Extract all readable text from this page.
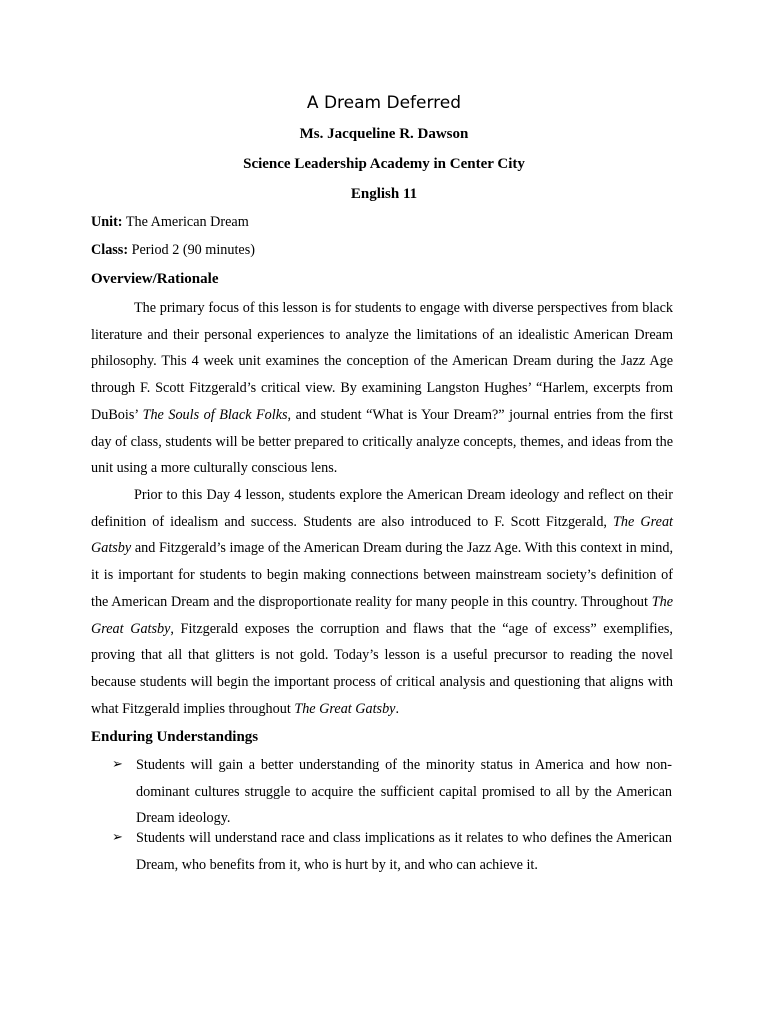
A Dream Deferred
Ms. Jacqueline R. Dawson
Science Leadership Academy in Center City
English 11
Unit: The American Dream
Class: Period 2 (90 minutes)
Overview/Rationale
The primary focus of this lesson is for students to engage with diverse perspectives from black literature and their personal experiences to analyze the limitations of an idealistic American Dream philosophy. This 4 week unit examines the conception of the American Dream during the Jazz Age through F. Scott Fitzgerald’s critical view. By examining Langston Hughes’ “Harlem, excerpts from DuBois’ The Souls of Black Folks, and student “What is Your Dream?” journal entries from the first day of class, students will be better prepared to critically analyze concepts, themes, and ideas from the unit using a more culturally conscious lens.
Prior to this Day 4 lesson, students explore the American Dream ideology and reflect on their definition of idealism and success. Students are also introduced to F. Scott Fitzgerald, The Great Gatsby and Fitzgerald’s image of the American Dream during the Jazz Age. With this context in mind, it is important for students to begin making connections between mainstream society’s definition of the American Dream and the disproportionate reality for many people in this country. Throughout The Great Gatsby, Fitzgerald exposes the corruption and flaws that the “age of excess” exemplifies, proving that all that glitters is not gold. Today’s lesson is a useful precursor to reading the novel because students will begin the important process of critical analysis and questioning that aligns with what Fitzgerald implies throughout The Great Gatsby.
Enduring Understandings
➢ Students will gain a better understanding of the minority status in America and how non-dominant cultures struggle to acquire the sufficient capital promised to all by the American Dream ideology.
➢ Students will understand race and class implications as it relates to who defines the American Dream, who benefits from it, who is hurt by it, and who can achieve it.
